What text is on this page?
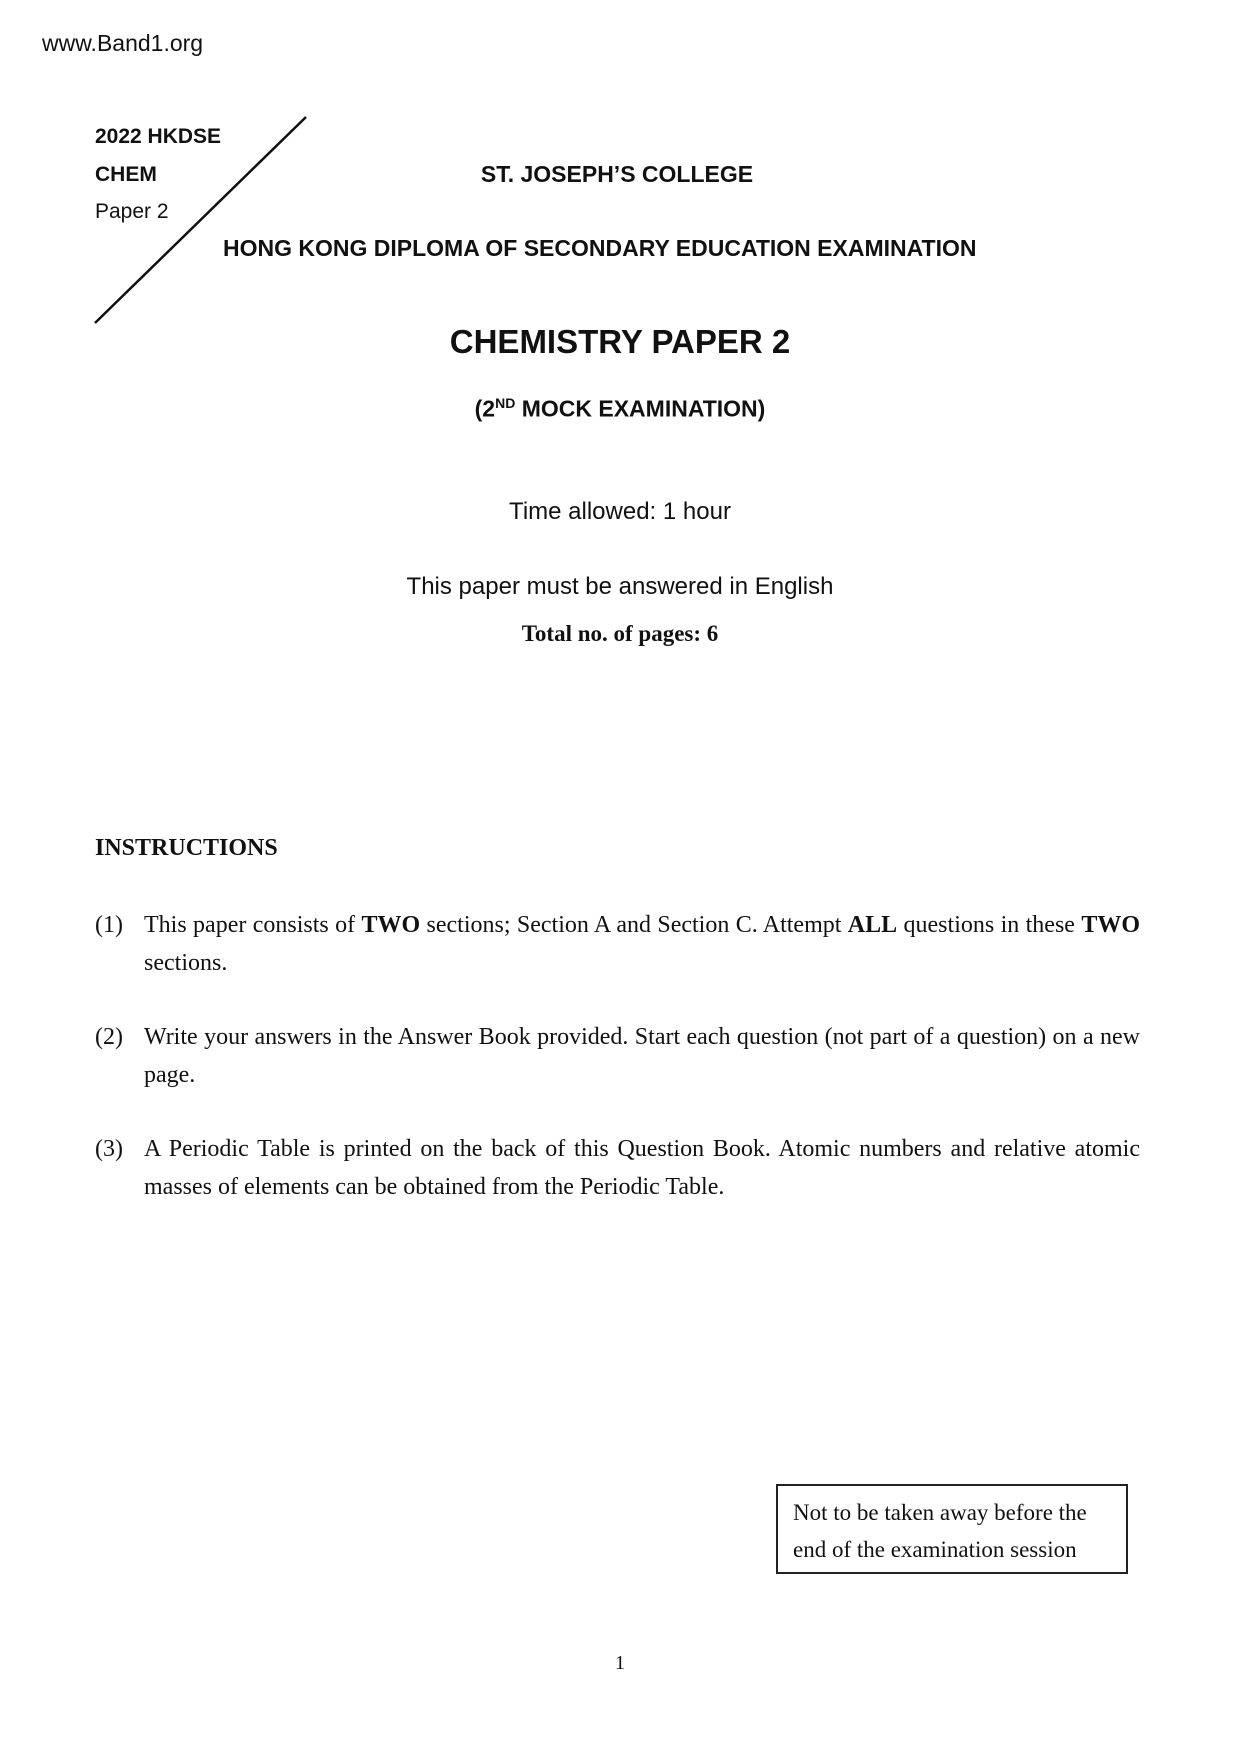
www.Band1.org
2022 HKDSE
CHEM
Paper 2
ST. JOSEPH’S COLLEGE
HONG KONG DIPLOMA OF SECONDARY EDUCATION EXAMINATION
CHEMISTRY PAPER 2
(2ND MOCK EXAMINATION)
Time allowed: 1 hour
This paper must be answered in English
Total no. of pages: 6
INSTRUCTIONS
(1) This paper consists of TWO sections; Section A and Section C. Attempt ALL questions in these TWO sections.
(2) Write your answers in the Answer Book provided. Start each question (not part of a question) on a new page.
(3) A Periodic Table is printed on the back of this Question Book. Atomic numbers and relative atomic masses of elements can be obtained from the Periodic Table.
Not to be taken away before the
end of the examination session
1
